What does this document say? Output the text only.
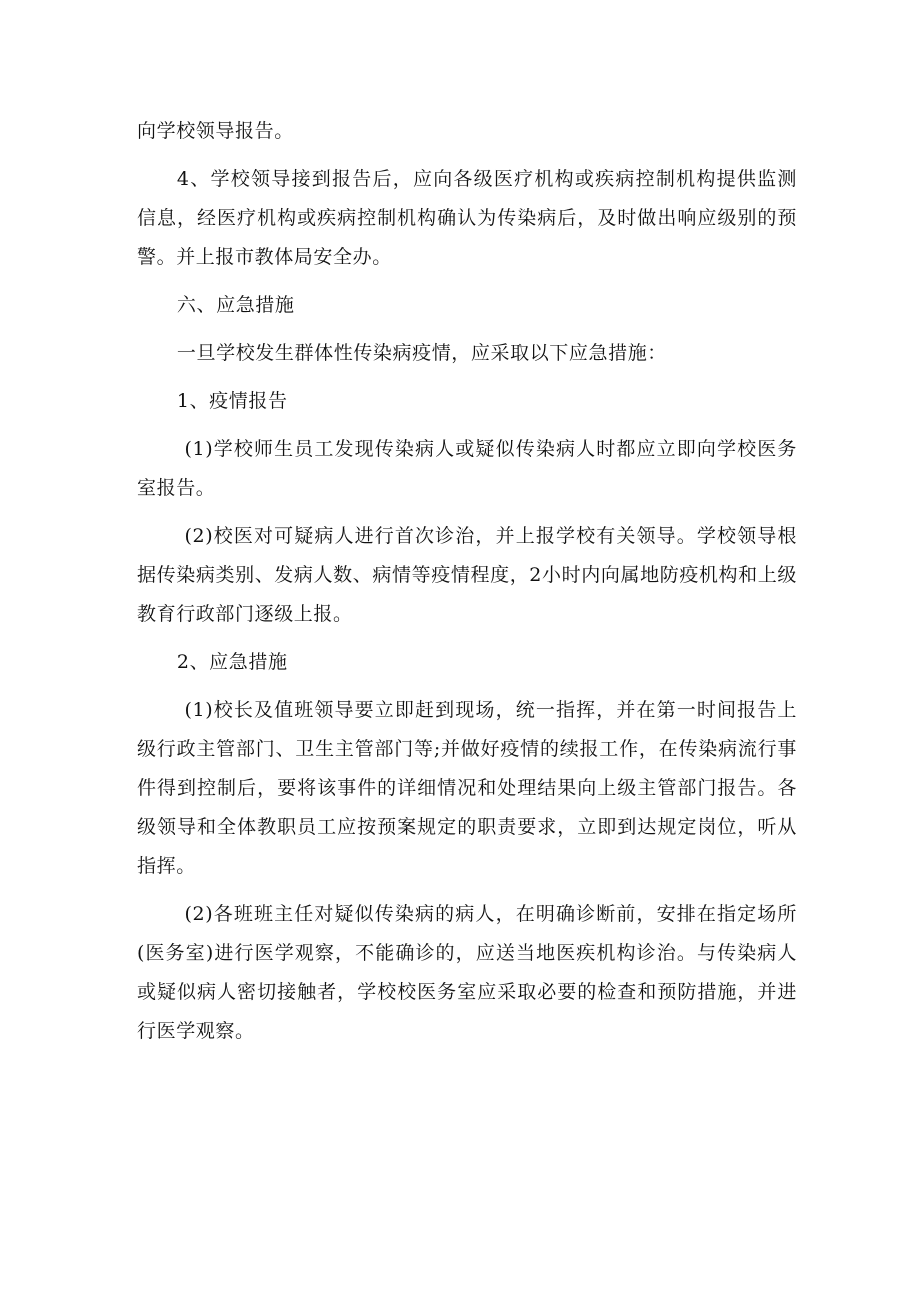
向学校领导报告。

4、学校领导接到报告后，应向各级医疗机构或疾病控制机构提供监测信息，经医疗机构或疾病控制机构确认为传染病后，及时做出响应级别的预警。并上报市教体局安全办。

六、应急措施

一旦学校发生群体性传染病疫情，应采取以下应急措施：

1、疫情报告

(1)学校师生员工发现传染病人或疑似传染病人时都应立即向学校医务室报告。

(2)校医对可疑病人进行首次诊治，并上报学校有关领导。学校领导根据传染病类别、发病人数、病情等疫情程度，2小时内向属地防疫机构和上级教育行政部门逐级上报。

2、应急措施

(1)校长及值班领导要立即赶到现场，统一指挥，并在第一时间报告上级行政主管部门、卫生主管部门等;并做好疫情的续报工作，在传染病流行事件得到控制后，要将该事件的详细情况和处理结果向上级主管部门报告。各级领导和全体教职员工应按预案规定的职责要求，立即到达规定岗位，听从指挥。

(2)各班班主任对疑似传染病的病人，在明确诊断前，安排在指定场所(医务室)进行医学观察，不能确诊的，应送当地医疾机构诊治。与传染病人或疑似病人密切接触者，学校校医务室应采取必要的检查和预防措施，并进行医学观察。
